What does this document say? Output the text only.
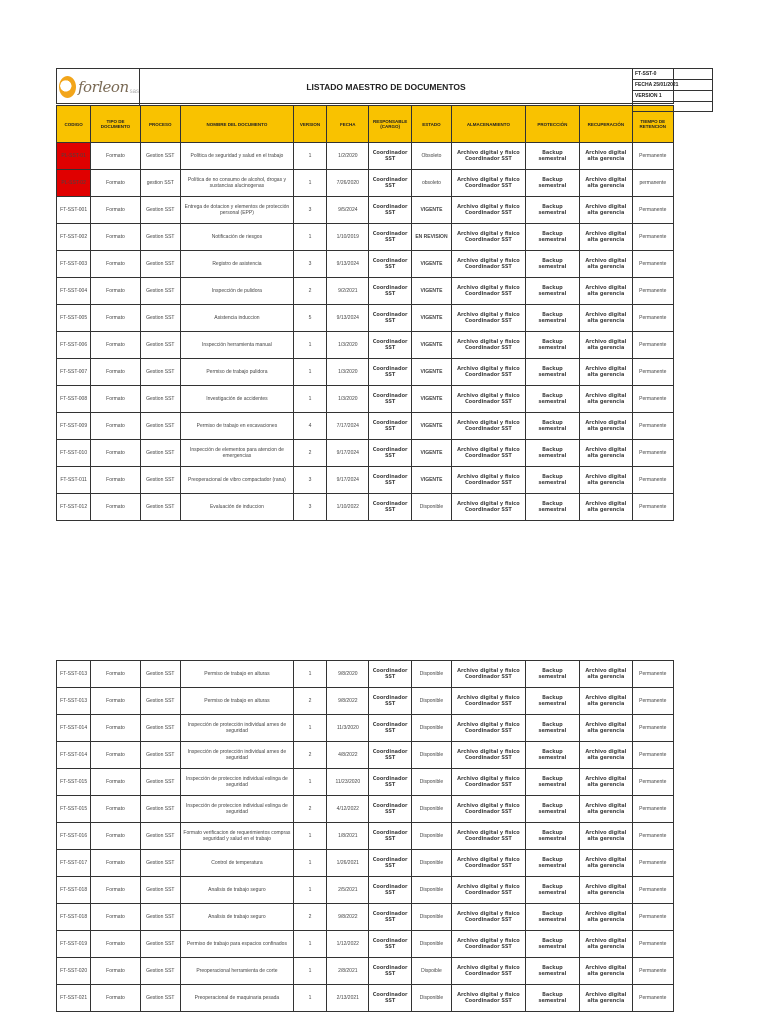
forleon sas	LISTADO MAESTRO DE DOCUMENTOS
FT-SST-0
FECHA 25/01/2021
VERSION 1
CODIGO	TIPO DE DOCUMENTO	PROCESO	NOMBRE DEL DOCUMENTO	VERSION	FECHA	RESPONSABLE (CARGO)	ESTADO	ALMACENAMIENTO	PROTECCIÓN	RECUPERACIÓN	TIEMPO DE RETENCION
PL-SST-01	Formato	Gestion SST	Política de seguridad y salud en el trabajo	1	1/2/2020	Coordinador SST	Obsoleto	Archivo digital y fisico Coordinador SST	Backup semestral	Archivo digital alta gerencia	Permanente
PL-SST-02	Formato	gestion SST	Política de no consumo de alcohol, drogas y sustancias alucinogenas	1	7/26/2020	Coordinador SST	obsoleto	Archivo digital y fisico Coordinador SST	Backup semestral	Archivo digital alta gerencia	permanente
FT-SST-001	Formato	Gestion SST	Entrega de dotacion y elementos de protección personal (EPP)	3	9/5/2024	Coordinador SST	VIGENTE	Archivo digital y fisico Coordinador SST	Backup semestral	Archivo digital alta gerencia	Permanente
FT-SST-002	Formato	Gestion SST	Notificación de riesgos	1	1/10/2019	Coordinador SST	EN REVISION	Archivo digital y fisico Coordinador SST	Backup semestral	Archivo digital alta gerencia	Permanente
FT-SST-003	Formato	Gestion SST	Registro de asistencia	3	9/13/2024	Coordinador SST	VIGENTE	Archivo digital y fisico Coordinador SST	Backup semestral	Archivo digital alta gerencia	Permanente
FT-SST-004	Formato	Gestion SST	Inspección de pulidora	2	9/2/2021	Coordinador SST	VIGENTE	Archivo digital y fisico Coordinador SST	Backup semestral	Archivo digital alta gerencia	Permanente
FT-SST-005	Formato	Gestion SST	Asistencia induccion	5	9/13/2024	Coordinador SST	VIGENTE	Archivo digital y fisico Coordinador SST	Backup semestral	Archivo digital alta gerencia	Permanente
FT-SST-006	Formato	Gestion SST	Inspección herramienta manual	1	1/3/2020	Coordinador SST	VIGENTE	Archivo digital y fisico Coordinador SST	Backup semestral	Archivo digital alta gerencia	Permanente
FT-SST-007	Formato	Gestion SST	Permiso de trabajo pulidora	1	1/3/2020	Coordinador SST	VIGENTE	Archivo digital y fisico Coordinador SST	Backup semestral	Archivo digital alta gerencia	Permanente
FT-SST-008	Formato	Gestion SST	Investigación de accidentes	1	1/3/2020	Coordinador SST	VIGENTE	Archivo digital y fisico Coordinador SST	Backup semestral	Archivo digital alta gerencia	Permanente
FT-SST-009	Formato	Gestion SST	Permiso de trabajo en excavaciones	4	7/17/2024	Coordinador SST	VIGENTE	Archivo digital y fisico Coordinador SST	Backup semestral	Archivo digital alta gerencia	Permanente
FT-SST-010	Formato	Gestion SST	Inspección de elementos para atencion de emergencias	2	9/17/2024	Coordinador SST	VIGENTE	Archivo digital y fisico Coordinador SST	Backup semestral	Archivo digital alta gerencia	Permanente
FT-SST-011	Formato	Gestion SST	Preoperacional de vibro compactador (rana)	3	9/17/2024	Coordinador SST	VIGENTE	Archivo digital y fisico Coordinador SST	Backup semestral	Archivo digital alta gerencia	Permanente
FT-SST-012	Formato	Gestion SST	Evaluación de induccion	3	1/10/2022	Coordinador SST	Disponible	Archivo digital y fisico Coordinador SST	Backup semestral	Archivo digital alta gerencia	Permanente
FT-SST-013	Formato	Gestion SST	Permiso de trabajo en alturas	1	9/8/2020	Coordinador SST	Disponible	Archivo digital y fisico Coordinador SST	Backup semestral	Archivo digital alta gerencia	Permanente
FT-SST-013	Formato	Gestion SST	Permiso de trabajo en alturas	2	9/8/2022	Coordinador SST	Disponible	Archivo digital y fisico Coordinador SST	Backup semestral	Archivo digital alta gerencia	Permanente
FT-SST-014	Formato	Gestion SST	Inspección de protección individual arnes de seguridad	1	11/3/2020	Coordinador SST	Disponible	Archivo digital y fisico Coordinador SST	Backup semestral	Archivo digital alta gerencia	Permanente
FT-SST-014	Formato	Gestion SST	Inspección de protección individual arnes de seguridad	2	4/8/2022	Coordinador SST	Disponible	Archivo digital y fisico Coordinador SST	Backup semestral	Archivo digital alta gerencia	Permanente
FT-SST-015	Formato	Gestion SST	Inspección de proteccion individual eslinga de seguridad	1	11/23/2020	Coordinador SST	Disponible	Archivo digital y fisico Coordinador SST	Backup semestral	Archivo digital alta gerencia	Permanente
FT-SST-015	Formato	Gestion SST	Inspección de proteccion individual eslinga de seguridad	2	4/12/2022	Coordinador SST	Disponible	Archivo digital y fisico Coordinador SST	Backup semestral	Archivo digital alta gerencia	Permanente
FT-SST-016	Formato	Gestion SST	Formato verificacion de requerimientos compras seguridad y salud en el trabajo	1	1/8/2021	Coordinador SST	Disponible	Archivo digital y fisico Coordinador SST	Backup semestral	Archivo digital alta gerencia	Permanente
FT-SST-017	Formato	Gestion SST	Control de temperatura	1	1/26/2021	Coordinador SST	Disponible	Archivo digital y fisico Coordinador SST	Backup semestral	Archivo digital alta gerencia	Permanente
FT-SST-018	Formato	Gestion SST	Analisis de trabajo seguro	1	2/5/2021	Coordinador SST	Disponible	Archivo digital y fisico Coordinador SST	Backup semestral	Archivo digital alta gerencia	Permanente
FT-SST-018	Formato	Gestion SST	Analisis de trabajo seguro	2	9/8/2022	Coordinador SST	Disponible	Archivo digital y fisico Coordinador SST	Backup semestral	Archivo digital alta gerencia	Permanente
FT-SST-019	Formato	Gestion SST	Permiso de trabajo para espacios confinados	1	1/12/2022	Coordinador SST	Disponible	Archivo digital y fisico Coordinador SST	Backup semestral	Archivo digital alta gerencia	Permanente
FT-SST-020	Formato	Gestion SST	Preoperacional herramienta de corte	1	2/8/2021	Coordinador SST	Dispoible	Archivo digital y fisico Coordinador SST	Backup semestral	Archivo digital alta gerencia	Permanente
FT-SST-021	Formato	Gestion SST	Preoperacional de maquinaria pesada	1	2/13/2021	Coordinador SST	Disponible	Archivo digital y fisico Coordinador SST	Backup semestral	Archivo digital alta gerencia	Permanente
